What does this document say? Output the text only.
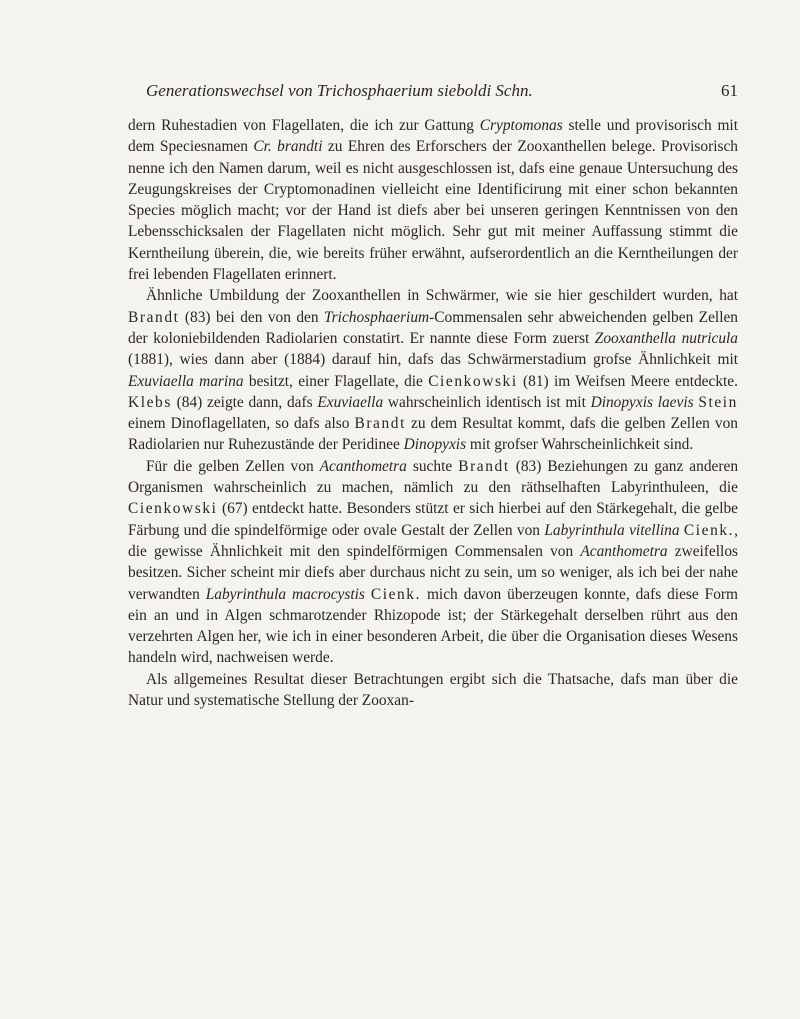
Generationswechsel von Trichosphaerium sieboldi Schn.	61

dern Ruhestadien von Flagellaten, die ich zur Gattung Cryptomonas stelle und provisorisch mit dem Speciesnamen Cr. brandti zu Ehren des Erforschers der Zooxanthellen belege. Provisorisch nenne ich den Namen darum, weil es nicht ausgeschlossen ist, dafs eine genaue Untersuchung des Zeugungskreises der Cryptomonadinen vielleicht eine Identificirung mit einer schon bekannten Species möglich macht; vor der Hand ist diefs aber bei unseren geringen Kenntnissen von den Lebensschicksalen der Flagellaten nicht möglich. Sehr gut mit meiner Auffassung stimmt die Kerntheilung überein, die, wie bereits früher erwähnt, aufserordentlich an die Kerntheilungen der frei lebenden Flagellaten erinnert.

Ähnliche Umbildung der Zooxanthellen in Schwärmer, wie sie hier geschildert wurden, hat Brandt (83) bei den von den Trichosphaerium-Commensalen sehr abweichenden gelben Zellen der koloniebildenden Radiolarien constatirt. Er nannte diese Form zuerst Zooxanthella nutricula (1881), wies dann aber (1884) darauf hin, dafs das Schwärmerstadium grofse Ähnlichkeit mit Exuviaella marina besitzt, einer Flagellate, die Cienkowski (81) im Weifsen Meere entdeckte. Klebs (84) zeigte dann, dafs Exuviaella wahrscheinlich identisch ist mit Dinopyxis laevis Stein einem Dinoflagellaten, so dafs also Brandt zu dem Resultat kommt, dafs die gelben Zellen von Radiolarien nur Ruhezustände der Peridinee Dinopyxis mit grofser Wahrscheinlichkeit sind.

Für die gelben Zellen von Acanthometra suchte Brandt (83) Beziehungen zu ganz anderen Organismen wahrscheinlich zu machen, nämlich zu den räthselhaften Labyrinthuleen, die Cienkowski (67) entdeckt hatte. Besonders stützt er sich hierbei auf den Stärkegehalt, die gelbe Färbung und die spindelförmige oder ovale Gestalt der Zellen von Labyrinthula vitellina Cienk., die gewisse Ähnlichkeit mit den spindelförmigen Commensalen von Acanthometra zweifellos besitzen. Sicher scheint mir diefs aber durchaus nicht zu sein, um so weniger, als ich bei der nahe verwandten Labyrinthula macrocystis Cienk. mich davon überzeugen konnte, dafs diese Form ein an und in Algen schmarotzender Rhizopode ist; der Stärkegehalt derselben rührt aus den verzehrten Algen her, wie ich in einer besonderen Arbeit, die über die Organisation dieses Wesens handeln wird, nachweisen werde.

Als allgemeines Resultat dieser Betrachtungen ergibt sich die Thatsache, dafs man über die Natur und systematische Stellung der Zooxan-
